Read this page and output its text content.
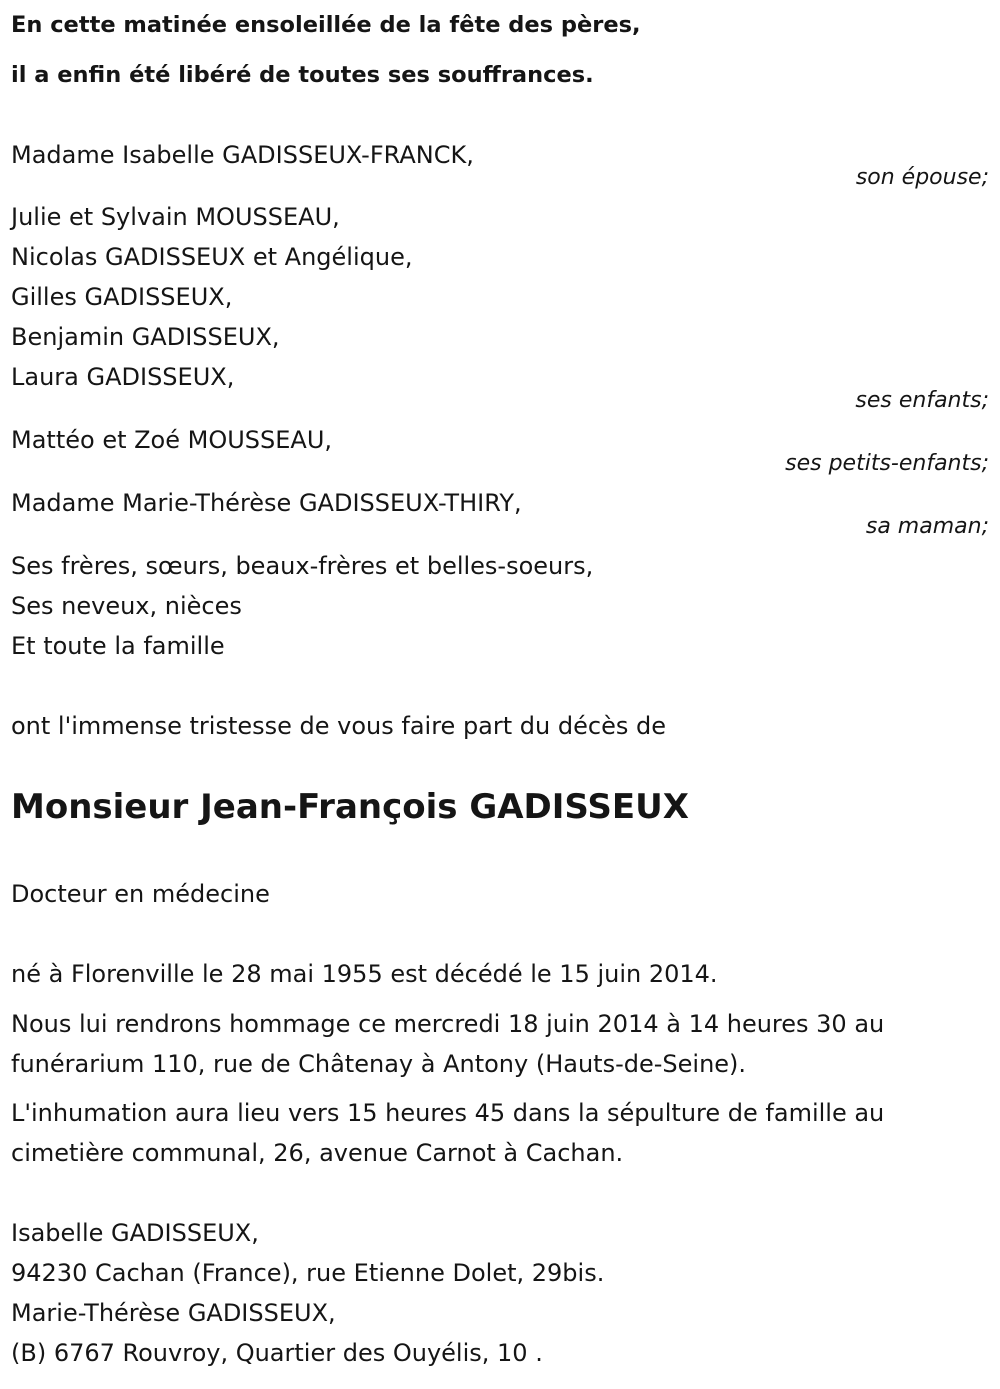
En cette matinée ensoleillée de la fête des pères,
il a enfin été libéré de toutes ses souffrances.
Madame Isabelle GADISSEUX-FRANCK,
son épouse;
Julie et Sylvain MOUSSEAU,
Nicolas GADISSEUX et Angélique,
Gilles GADISSEUX,
Benjamin GADISSEUX,
Laura GADISSEUX,
ses enfants;
Mattéo et Zoé MOUSSEAU,
ses petits-enfants;
Madame Marie-Thérèse GADISSEUX-THIRY,
sa maman;
Ses frères, sœurs, beaux-frères et belles-soeurs,
Ses neveux, nièces
Et toute la famille
ont l'immense tristesse de vous faire part du décès de
Monsieur Jean-François GADISSEUX
Docteur en médecine
né à Florenville le 28 mai 1955 est décédé le 15 juin 2014.
Nous lui rendrons hommage ce mercredi 18 juin 2014 à 14 heures 30 au
funérarium 110, rue de Châtenay à Antony (Hauts-de-Seine).
L'inhumation aura lieu vers 15 heures 45 dans la sépulture de famille au
cimetière communal, 26, avenue Carnot à Cachan.
Isabelle GADISSEUX,
94230 Cachan (France), rue Etienne Dolet, 29bis.
Marie-Thérèse GADISSEUX,
(B) 6767 Rouvroy, Quartier des Ouyélis, 10 .
